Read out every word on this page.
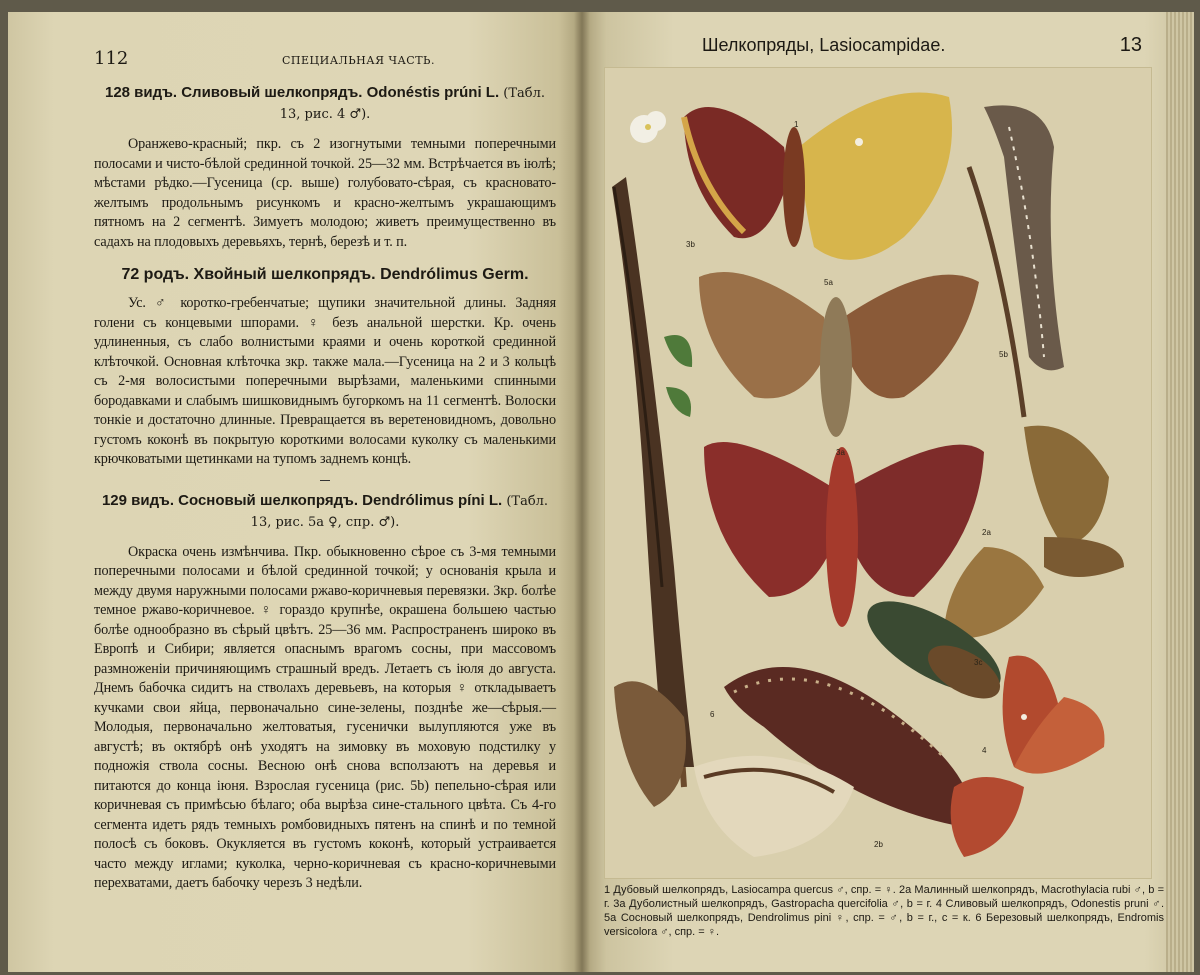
112	СПЕЦИАЛЬНАЯ ЧАСТЬ.
128 видъ. Сливовый шелкопрядъ. Odonéstis prúni L. (Табл. 13, рис. 4 ♂).

Оранжево-красный; пкр. съ 2 изогнутыми темными поперечными полосами и чисто-бѣлой срединной точкой. 25—32 мм. Встрѣчается въ іюлѣ; мѣстами рѣдко.—Гусеница (ср. выше) голубовато-сѣрая, съ красновато-желтымъ продольнымъ рисункомъ и красно-желтымъ украшающимъ пятномъ на 2 сегментѣ. Зимуетъ молодою; живетъ преимущественно въ садахъ на плодовыхъ деревьяхъ, тернѣ, березѣ и т. п.

72 родъ. Хвойный шелкопрядъ. Dendrólimus Germ.

Ус. ♂ коротко-гребенчатые; щупики значительной длины. Задняя голени съ концевыми шпорами. ♀ безъ анальной шерстки. Кр. очень удлиненныя, съ слабо волнистыми краями и очень короткой срединной клѣточкой. Основная клѣточка зкр. также мала.—Гусеница на 2 и 3 кольцѣ съ 2-мя волосистыми поперечными вырѣзами, маленькими спинными бородавками и слабымъ шишковиднымъ бугоркомъ на 11 сегментѣ. Волоски тонкіе и достаточно длинные. Превращается въ веретеновидномъ, довольно густомъ коконѣ въ покрытую короткими волосами куколку съ маленькими крючковатыми щетинками на тупомъ заднемъ концѣ.

129 видъ. Сосновый шелкопрядъ. Dendrólimus píni L. (Табл. 13, рис. 5a ♀, спр. ♂).

Окраска очень измѣнчива. Пкр. обыкновенно сѣрое съ 3-мя темными поперечными полосами и бѣлой срединной точкой; у основанія крыла и между двумя наружными полосами ржаво-коричневыя перевязки. Зкр. болѣе темное ржаво-коричневое. ♀ гораздо крупнѣе, окрашена большею частью болѣе однообразно въ сѣрый цвѣтъ. 25—36 мм. Распространенъ широко въ Европѣ и Сибири; является опаснымъ врагомъ сосны, при массовомъ размноженіи причиняющимъ страшный вредъ. Летаетъ съ іюля до августа. Днемъ бабочка сидитъ на стволахъ деревьевъ, на которыя ♀ откладываетъ кучками свои яйца, первоначально сине-зелены, позднѣе же—сѣрыя.—Молодыя, первоначально желтоватыя, гусенички вылупляются уже въ августѣ; въ октябрѣ онѣ уходятъ на зимовку въ моховую подстилку у подножія ствола сосны. Весною онѣ снова всползаютъ на деревья и питаются до конца іюня. Взрослая гусеница (рис. 5b) пепельно-сѣрая или коричневая съ примѣсью бѣлаго; оба вырѣза сине-стального цвѣта. Съ 4-го сегмента идетъ рядъ темныхъ ромбовидныхъ пятенъ на спинѣ и по темной полосѣ съ боковъ. Окукляется въ густомъ коконѣ, который устраивается часто между иглами; куколка, черно-коричневая съ красно-коричневыми перехватами, даетъ бабочку черезъ 3 недѣли.

Шелкопряды, Lasiocampidae.	13
1
3b
5a
5b
3a
2a
3c
6
4
2b
1 Дубовый шелкопрядъ, Lasiocampa quercus ♂, спр. = ♀. 2a Малинный шелкопрядъ, Macrothylacia rubi ♂, b = г. 3a Дуболистный шелкопрядъ, Gastropacha quercifolia ♂, b = г. 4 Сливовый шелкопрядъ, Odonestis pruni ♂. 5a Сосновый шелкопрядъ, Dendrolimus pini ♀, спр. = ♂, b = г., c = к. 6 Березовый шелкопрядъ, Endromis versicolora ♂, спр. = ♀.
